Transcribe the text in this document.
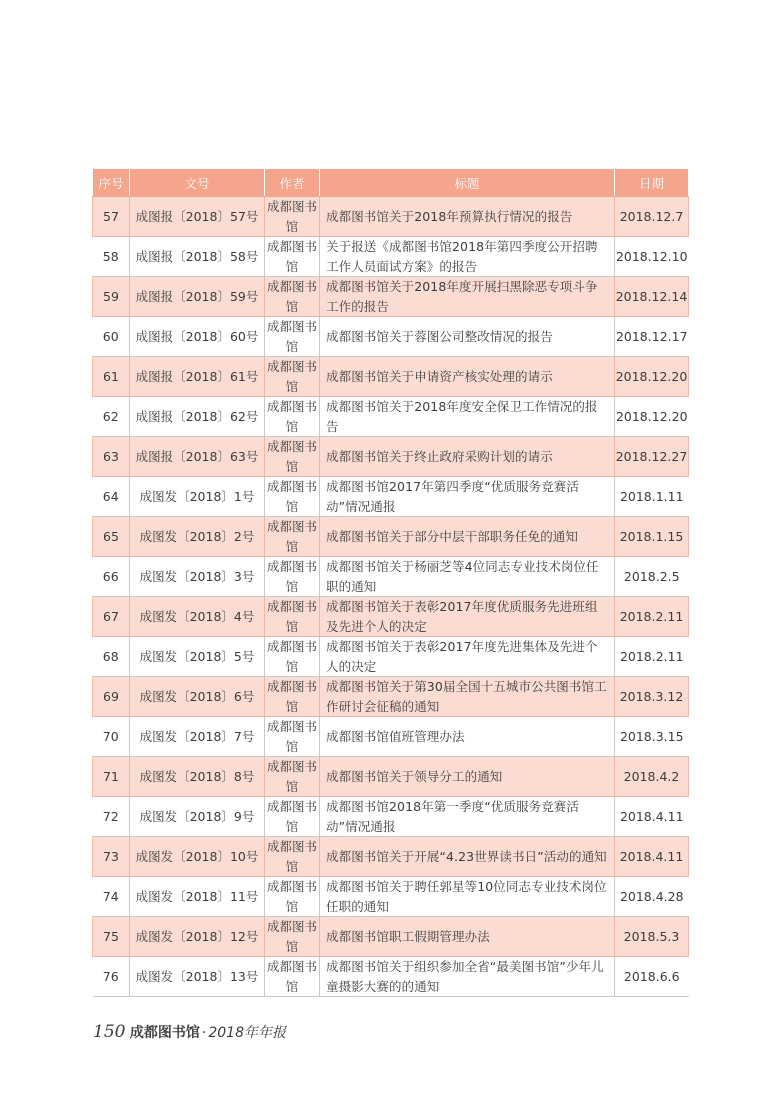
序号	文号	作者	标题	日期
57	成图报〔2018〕57号	成都图书馆	成都图书馆关于2018年预算执行情况的报告	2018.12.7
58	成图报〔2018〕58号	成都图书馆	关于报送《成都图书馆2018年第四季度公开招聘工作人员面试方案》的报告	2018.12.10
59	成图报〔2018〕59号	成都图书馆	成都图书馆关于2018年度开展扫黑除恶专项斗争工作的报告	2018.12.14
60	成图报〔2018〕60号	成都图书馆	成都图书馆关于蓉图公司整改情况的报告	2018.12.17
61	成图报〔2018〕61号	成都图书馆	成都图书馆关于申请资产核实处理的请示	2018.12.20
62	成图报〔2018〕62号	成都图书馆	成都图书馆关于2018年度安全保卫工作情况的报告	2018.12.20
63	成图报〔2018〕63号	成都图书馆	成都图书馆关于终止政府采购计划的请示	2018.12.27
64	成图发〔2018〕1号	成都图书馆	成都图书馆2017年第四季度“优质服务竞赛活动”情况通报	2018.1.11
65	成图发〔2018〕2号	成都图书馆	成都图书馆关于部分中层干部职务任免的通知	2018.1.15
66	成图发〔2018〕3号	成都图书馆	成都图书馆关于杨丽芝等4位同志专业技术岗位任职的通知	2018.2.5
67	成图发〔2018〕4号	成都图书馆	成都图书馆关于表彰2017年度优质服务先进班组及先进个人的决定	2018.2.11
68	成图发〔2018〕5号	成都图书馆	成都图书馆关于表彰2017年度先进集体及先进个人的决定	2018.2.11
69	成图发〔2018〕6号	成都图书馆	成都图书馆关于第30届全国十五城市公共图书馆工作研讨会征稿的通知	2018.3.12
70	成图发〔2018〕7号	成都图书馆	成都图书馆值班管理办法	2018.3.15
71	成图发〔2018〕8号	成都图书馆	成都图书馆关于领导分工的通知	2018.4.2
72	成图发〔2018〕9号	成都图书馆	成都图书馆2018年第一季度“优质服务竞赛活动”情况通报	2018.4.11
73	成图发〔2018〕10号	成都图书馆	成都图书馆关于开展“4.23世界读书日”活动的通知	2018.4.11
74	成图发〔2018〕11号	成都图书馆	成都图书馆关于聘任郭星等10位同志专业技术岗位任职的通知	2018.4.28
75	成图发〔2018〕12号	成都图书馆	成都图书馆职工假期管理办法	2018.5.3
76	成图发〔2018〕13号	成都图书馆	成都图书馆关于组织参加全省“最美图书馆”少年儿童摄影大赛的的通知	2018.6.6
150 成都图书馆 · 2018年年报
